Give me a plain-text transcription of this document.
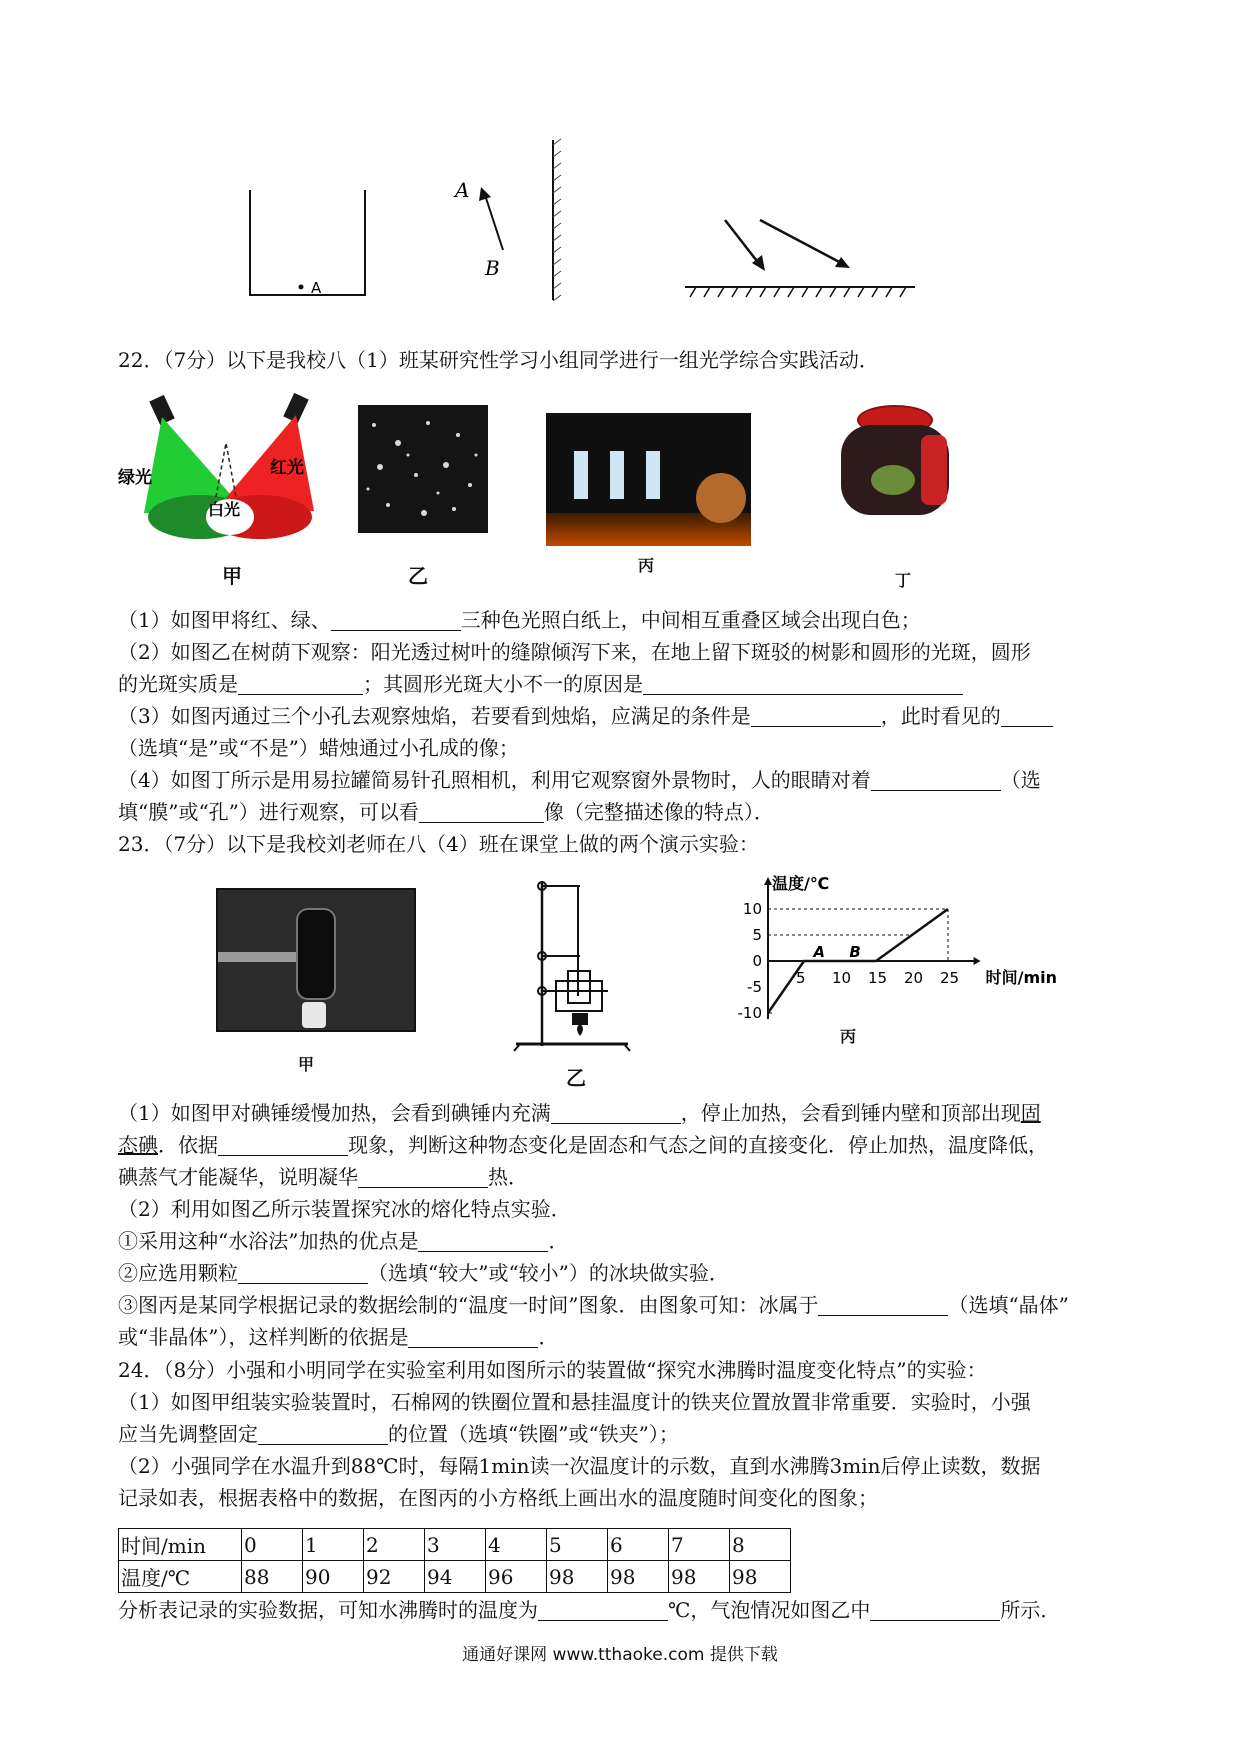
A
A
B
22．（7分）以下是我校八（1）班某研究性学习小组同学进行一组光学综合实践活动．
绿光	红光
白光
甲	乙	丙
丁
（1）如图甲将红、绿、	三种色光照白纸上，中间相互重叠区域会出现白色；
（2）如图乙在树荫下观察：阳光透过树叶的缝隙倾泻下来，在地上留下斑驳的树影和圆形的光斑，圆形
的光斑实质是	；其圆形光斑大小不一的原因是
（3）如图丙通过三个小孔去观察烛焰，若要看到烛焰，应满足的条件是	，此时看见的
（选填“是”或“不是”）蜡烛通过小孔成的像；
（4）如图丁所示是用易拉罐简易针孔照相机，利用它观察窗外景物时，人的眼睛对着	（选
填“膜”或“孔”）进行观察，可以看	像（完整描述像的特点）．
23．（7分）以下是我校刘老师在八（4）班在课堂上做的两个演示实验：
温度/℃
时间/min
5 10 15 20 25
10
5
0
-5
-10
A B
甲
乙
丙
（1）如图甲对碘锤缓慢加热，会看到碘锤内充满	，停止加热，会看到锤内壁和顶部出现固
态碘．依据	现象，判断这种物态变化是固态和气态之间的直接变化．停止加热，温度降低，
碘蒸气才能凝华，说明凝华	热．
（2）利用如图乙所示装置探究冰的熔化特点实验．
①采用这种“水浴法”加热的优点是	．
②应选用颗粒	（选填“较大”或“较小”）的冰块做实验．
③图丙是某同学根据记录的数据绘制的“温度一时间”图象．由图象可知：冰属于	（选填“晶体”
或“非晶体”），这样判断的依据是	．
24．（8分）小强和小明同学在实验室利用如图所示的装置做“探究水沸腾时温度变化特点”的实验：
（1）如图甲组装实验装置时，石棉网的铁圈位置和悬挂温度计的铁夹位置放置非常重要．实验时，小强
应当先调整固定	的位置（选填“铁圈”或“铁夹”）；
（2）小强同学在水温升到88℃时，每隔1min读一次温度计的示数，直到水沸腾3min后停止读数，数据
记录如表，根据表格中的数据，在图丙的小方格纸上画出水的温度随时间变化的图象；
时间/min	0	1	2	3	4	5	6	7	8
温度/℃	88	90	92	94	96	98	98	98	98
分析表记录的实验数据，可知水沸腾时的温度为	℃，气泡情况如图乙中	所示．
通通好课网 www.tthaoke.com 提供下载
